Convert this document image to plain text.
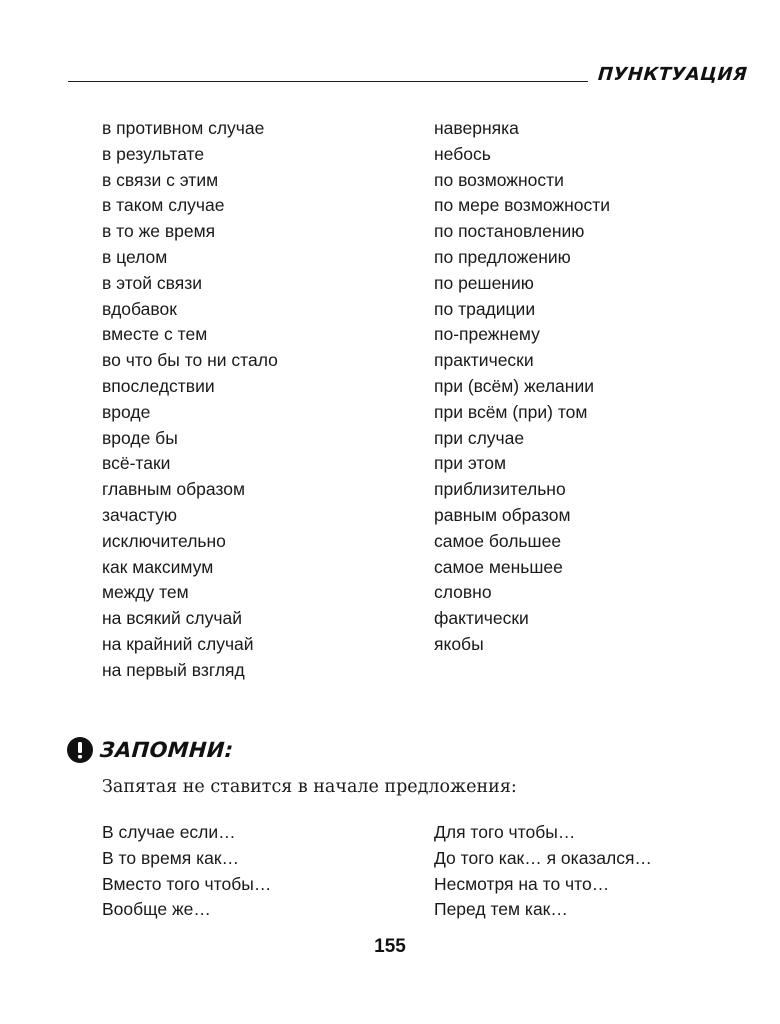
ПУНКТУАЦИЯ
в противном случае
в результате
в связи с этим
в таком случае
в то же время
в целом
в этой связи
вдобавок
вместе с тем
во что бы то ни стало
впоследствии
вроде
вроде бы
всё-таки
главным образом
зачастую
исключительно
как максимум
между тем
на всякий случай
на крайний случай
на первый взгляд
наверняка
небось
по возможности
по мере возможности
по постановлению
по предложению
по решению
по традиции
по-прежнему
практически
при (всём) желании
при всём (при) том
при случае
при этом
приблизительно
равным образом
самое большее
самое меньшее
словно
фактически
якобы
ЗАПОМНИ:
Запятая не ставится в начале предложения:
В случае если…
В то время как…
Вместо того чтобы…
Вообще же…
Для того чтобы…
До того как… я оказался…
Несмотря на то что…
Перед тем как…
155
